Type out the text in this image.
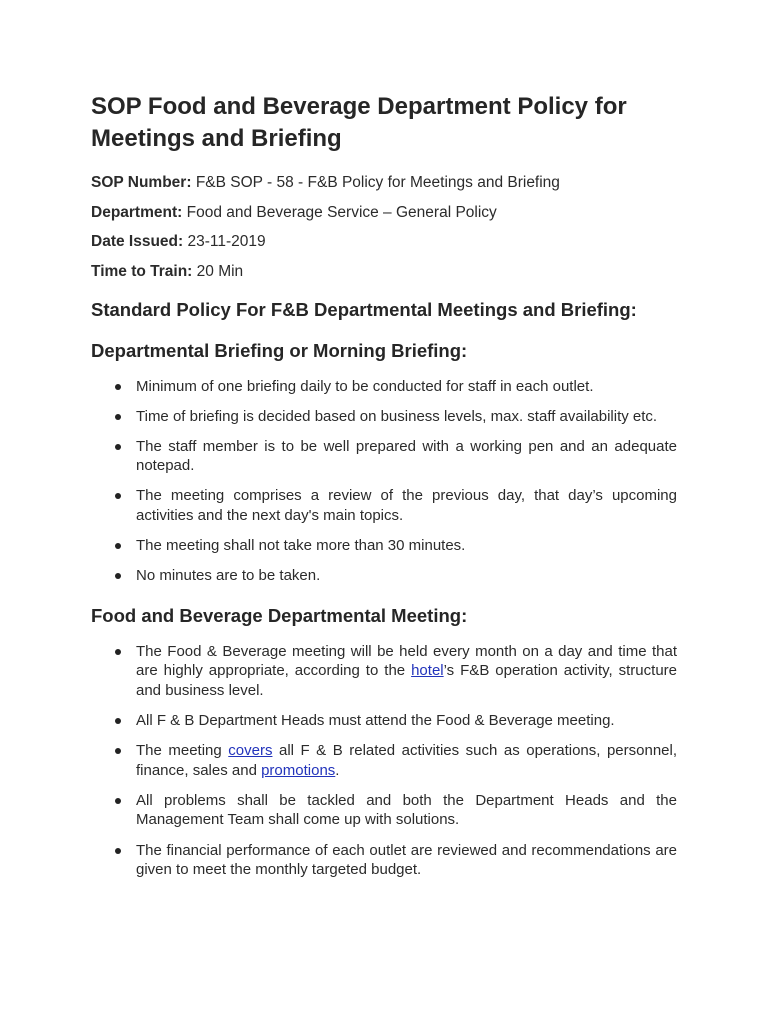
SOP Food and Beverage Department Policy for Meetings and Briefing
SOP Number: F&B SOP - 58 - F&B Policy for Meetings and Briefing
Department: Food and Beverage Service – General Policy
Date Issued: 23-11-2019
Time to Train: 20 Min
Standard Policy For F&B Departmental Meetings and Briefing:
Departmental Briefing or Morning Briefing:
Minimum of one briefing daily to be conducted for staff in each outlet.
Time of briefing is decided based on business levels, max. staff availability etc.
The staff member is to be well prepared with a working pen and an adequate notepad.
The meeting comprises a review of the previous day, that day’s upcoming activities and the next day's main topics.
The meeting shall not take more than 30 minutes.
No minutes are to be taken.
Food and Beverage Departmental Meeting:
The Food & Beverage meeting will be held every month on a day and time that are highly appropriate, according to the hotel’s F&B operation activity, structure and business level.
All F & B Department Heads must attend the Food & Beverage meeting.
The meeting covers all F & B related activities such as operations, personnel, finance, sales and promotions.
All problems shall be tackled and both the Department Heads and the Management Team shall come up with solutions.
The financial performance of each outlet are reviewed and recommendations are given to meet the monthly targeted budget.
